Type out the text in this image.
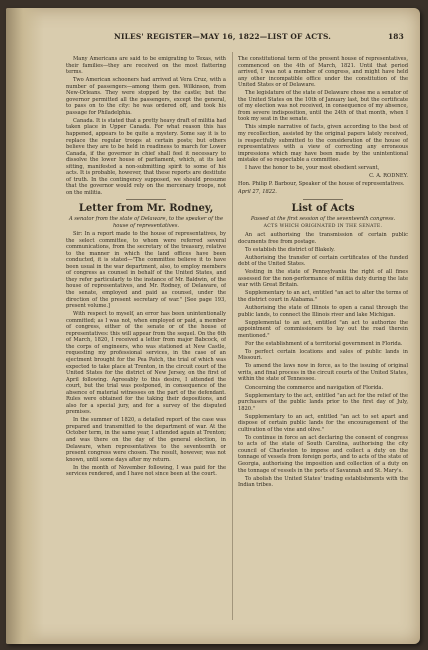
NILES' REGISTER—MAY 16, 1822—LIST OF ACTS.	183

Many Americans are said to be emigrating to Texas, with their families—they are received on the most flattering terms.

Two American schooners had arrived at Vera Cruz, with a number of passengers—among them gen. Wilkinson, from New-Orleans. They were stopped by the castle; but the governor permitted all the passengers, except the general, to pass on to the city: he was ordered off, and took his passage for Philadelphia.

Canada. It is stated that a pretty heavy draft of militia had taken place in Upper Canada. For what reason this has happened, appears to be quite a mystery. Some say it is to replace the regular troops at certain posts; but others believe they are to be held in readiness to march for Lower Canada, if the governor in chief shall feel it necessary to dissolve the lower house of parliament, which, at its last sitting, manifested a non-submitting spirit to some of his acts. It is probable, however, that these reports are destitute of truth. In the contingency supposed, we should presume that the governor would rely on the mercenary troops, not on the militia.

Letter from Mr. Rodney,

A senator from the state of Delaware, to the speaker of the house of representatives.

Sir: In a report made to the house of representatives, by the select committee, to whom were referred several communications, from the secretary of the treasury, relative to the manner in which the land offices have been conducted, it is stated—"The committee believe it to have been usual in the war department, also, to employ members of congress as counsel in behalf of the United States, and they refer particularly to the instance of Mr. Baldwin, of the house of representatives, and Mr. Rodney, of Delaware, of the senate, employed and paid as counsel, under the direction of the present secretary of war." [See page 193, present volume.]

With respect to myself, an error has been unintentionally committed; as I was not, when employed or paid, a member of congress, either of the senate or of the house of representatives: this will appear from the sequel. On the 6th of March, 1820, I received a letter from major Babcock, of the corps of engineers, who was stationed at New Castle, requesting my professional services, in the case of an ejectment brought for the Pea Patch, the trial of which was expected to take place at Trenton, in the circuit court of the United States for the district of New Jersey, on the first of April following. Agreeably to this desire, I attended the court, but the trial was postponed, in consequence of the absence of material witnesses on the part of the defendant. Rules were obtained for the taking their depositions, and also for a special jury, and for a survey of the disputed premises.

In the summer of 1820, a detailed report of the case was prepared and transmitted to the department of war. At the October term, in the same year, I attended again at Trenton; and was there on the day of the general election, in Delaware, when representatives to the seventeenth or present congress were chosen. The result, however, was not known, until some days after my return.

In the month of November following, I was paid for the services rendered, and I have not since been at the court.

The constitutional term of the present house of representatives, commenced on the 4th of March, 1821. Until that period arrived, I was not a member of congress, and might have held any other incompatible office under the constitution of the United States or of Delaware.

The legislature of the state of Delaware chose me a senator of the United States on the 10th of January last, but the certificate of my election was not received, in consequence of my absence, from severe indisposition, until the 24th of that month, when I took my seat in the senate.

This simple narrative of facts, given according to the best of my recollection, assisted by the original papers lately received, is respectfully submitted to the consideration of the house of representatives with a view of correcting any erroneous impressions which may have been made by the unintentional mistake of so respectable a committee.

I have the honor to be, your most obedient servant,

C. A. RODNEY.

Hon. Philip P. Barbour, Speaker of the house of representatives.

April 27, 1822.

List of Acts

Passed at the first session of the seventeenth congress.

ACTS WHICH ORIGINATED IN THE SENATE.

An act authorising the transmission of certain public documents free from postage.

To establish the district of Blakely.

Authorising the transfer of certain certificates of the funded debt of the United States.

Vesting in the state of Pennsylvania the right of all fines assessed for the non-performance of militia duty during the late war with Great Britain.

Supplementary to an act, entitled "an act to alter the terms of the district court in Alabama."

Authorising the state of Illinois to open a canal through the public lands, to connect the Illinois river and lake Michigan.

Supplemental to an act, entitled "an act to authorize the appointment of commissioners to lay out the road therein mentioned."

For the establishment of a territorial government in Florida.

To perfect certain locations and sales of public lands in Missouri.

To amend the laws now in force, as to the issuing of original writs, and final process in the circuit courts of the United States, within the state of Tennessee.

Concerning the commerce and navigation of Florida.

Supplementary to the act, entitled "an act for the relief of the purchasers of the public lands prior to the first day of July, 1820."

Supplementary to an act, entitled "an act to set apart and dispose of certain public lands for the encouragement of the cultivation of the vine and olive."

To continue in force an act declaring the consent of congress to acts of the state of South Carolina, authorising the city council of Charleston to impose and collect a duty on the tonnage of vessels from foreign ports, and to acts of the state of Georgia, authorising the imposition and collection of a duty on the tonnage of vessels in the ports of Savannah and St. Mary's.

To abolish the United States' trading establishments with the Indian tribes.
